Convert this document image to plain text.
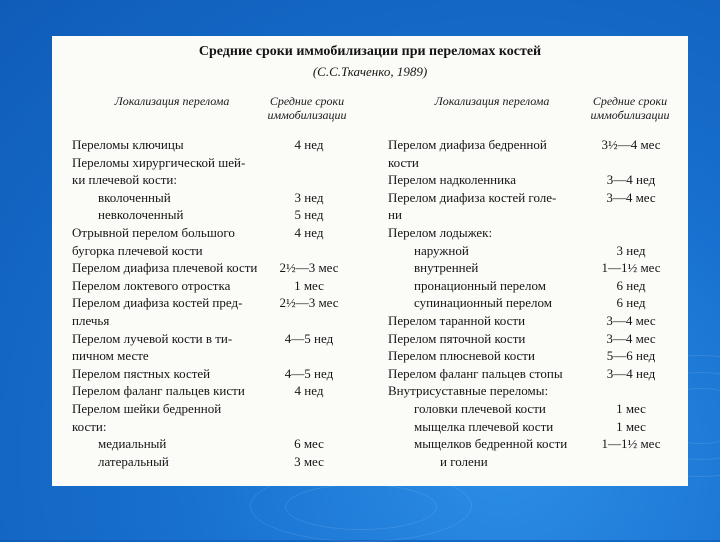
Средние сроки иммобилизации при переломах костей
(С.С.Ткаченко, 1989)
Локализация перелома	Средние сроки
иммобилизации
Локализация перелома	Средние сроки
иммобилизации
Переломы ключицы	4 нед
Переломы хирургической шей-
ки плечевой кости:
вколоченный	3 нед
невколоченный	5 нед
Отрывной перелом большого	4 нед
бугорка плечевой кости
Перелом диафиза плечевой кости	2½—3 мес
Перелом локтевого отростка	1 мес
Перелом диафиза костей пред-	2½—3 мес
плечья
Перелом лучевой кости в ти-	4—5 нед
пичном месте
Перелом пястных костей	4—5 нед
Перелом фаланг пальцев кисти	4 нед
Перелом шейки бедренной
кости:
медиальный	6 мес
латеральный	3 мес
Перелом диафиза бедренной	3½—4 мес
кости
Перелом надколенника	3—4 нед
Перелом диафиза костей голе-	3—4 мес
ни
Перелом лодыжек:
наружной	3 нед
внутренней	1—1½ мес
пронационный перелом	6 нед
супинационный перелом	6 нед
Перелом таранной кости	3—4 мес
Перелом пяточной кости	3—4 мес
Перелом плюсневой кости	5—6 нед
Перелом фаланг пальцев стопы	3—4 нед
Внутрисуставные переломы:
головки плечевой кости	1 мес
мыщелка плечевой кости	1 мес
мыщелков бедренной кости	1—1½ мес
и голени
